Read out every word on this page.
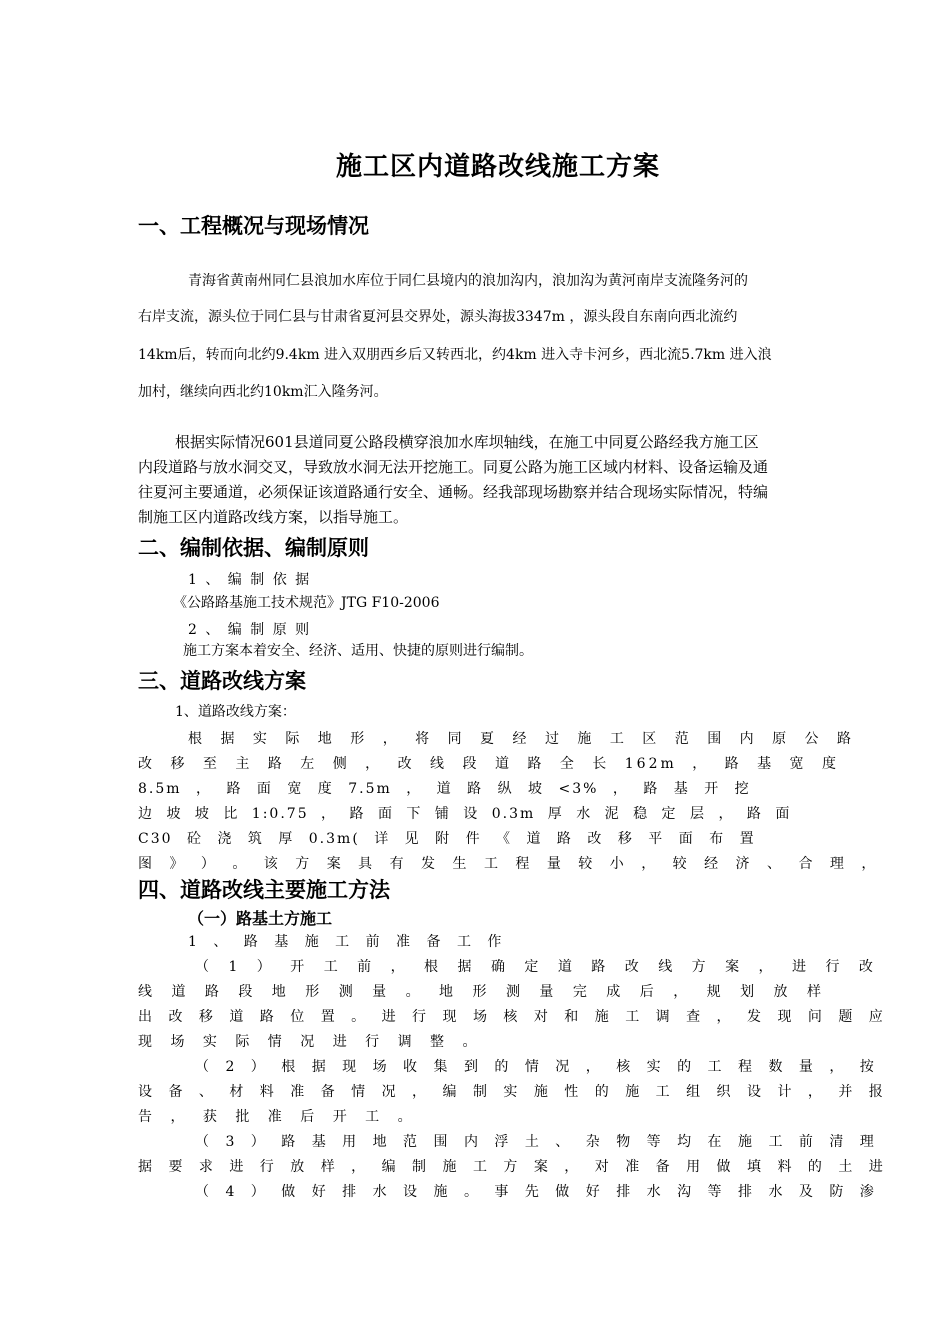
施工区内道路改线施工方案
一、工程概况与现场情况
青海省黄南州同仁县浪加水库位于同仁县境内的浪加沟内，浪加沟为黄河南岸支流隆务河的
右岸支流，源头位于同仁县与甘肃省夏河县交界处，源头海拔3347m ，源头段自东南向西北流约
14km后，转而向北约9.4km 进入双朋西乡后又转西北，约4km 进入寺卡河乡，西北流5.7km 进入浪
加村，继续向西北约10km汇入隆务河。
根据实际情况601县道同夏公路段横穿浪加水库坝轴线，在施工中同夏公路经我方施工区
内段道路与放水洞交叉，导致放水洞无法开挖施工。同夏公路为施工区域内材料、设备运输及通
往夏河主要通道，必须保证该道路通行安全、通畅。经我部现场勘察并结合现场实际情况，特编
制施工区内道路改线方案，以指导施工。
二、编制依据、编制原则
1 、 编 制 依 据
《公路路基施工技术规范》JTG F10-2006
2 、 编 制 原 则
施工方案本着安全、经济、适用、快捷的原则进行编制。
三、道路改线方案
1、道路改线方案：
根 据 实 际 地 形 ， 将 同 夏 经 过 施 工 区 范 围 内 原 公 路
改 移 至 主 路 左 侧 ， 改 线 段 道 路 全 长 162m ， 路 基 宽 度
8.5m ， 路 面 宽 度 7.5m ， 道 路 纵 坡 <3% ， 路 基 开 挖
边 坡 坡 比 1:0.75 ， 路 面 下 铺 设 0.3m 厚 水 泥 稳 定 层 ， 路 面
C30 砼 浇 筑 厚 0.3m( 详 见 附 件 《 道 路 改 移 平 面 布 置
图 》 ） 。 该 方 案 具 有 发 生 工 程 量 较 小 ， 较 经 济 、 合 理 ，
四、道路改线主要施工方法
（一）路基土方施工
1 、 路 基 施 工 前 准 备 工 作
（ 1 ） 开 工 前 ， 根 据 确 定 道 路 改 线 方 案 ， 进 行 改
线 道 路 段 地 形 测 量 。 地 形 测 量 完 成 后 ， 规 划 放 样
出 改 移 道 路 位 置 。 进 行 现 场 核 对 和 施 工 调 查 ， 发 现 问 题 应
现 场 实 际 情 况 进 行 调 整 。
（ 2 ） 根 据 现 场 收 集 到 的 情 况 ， 核 实 的 工 程 数 量 ， 按
设 备 、 材 料 准 备 情 况 ， 编 制 实 施 性 的 施 工 组 织 设 计 ， 并 报
告 ， 获 批 准 后 开 工 。
（ 3 ） 路 基 用 地 范 围 内 浮 土 、 杂 物 等 均 在 施 工 前 清 理
据 要 求 进 行 放 样 ， 编 制 施 工 方 案 ， 对 准 备 用 做 填 料 的 土 进
（ 4 ） 做 好 排 水 设 施 。 事 先 做 好 排 水 沟 等 排 水 及 防 渗
